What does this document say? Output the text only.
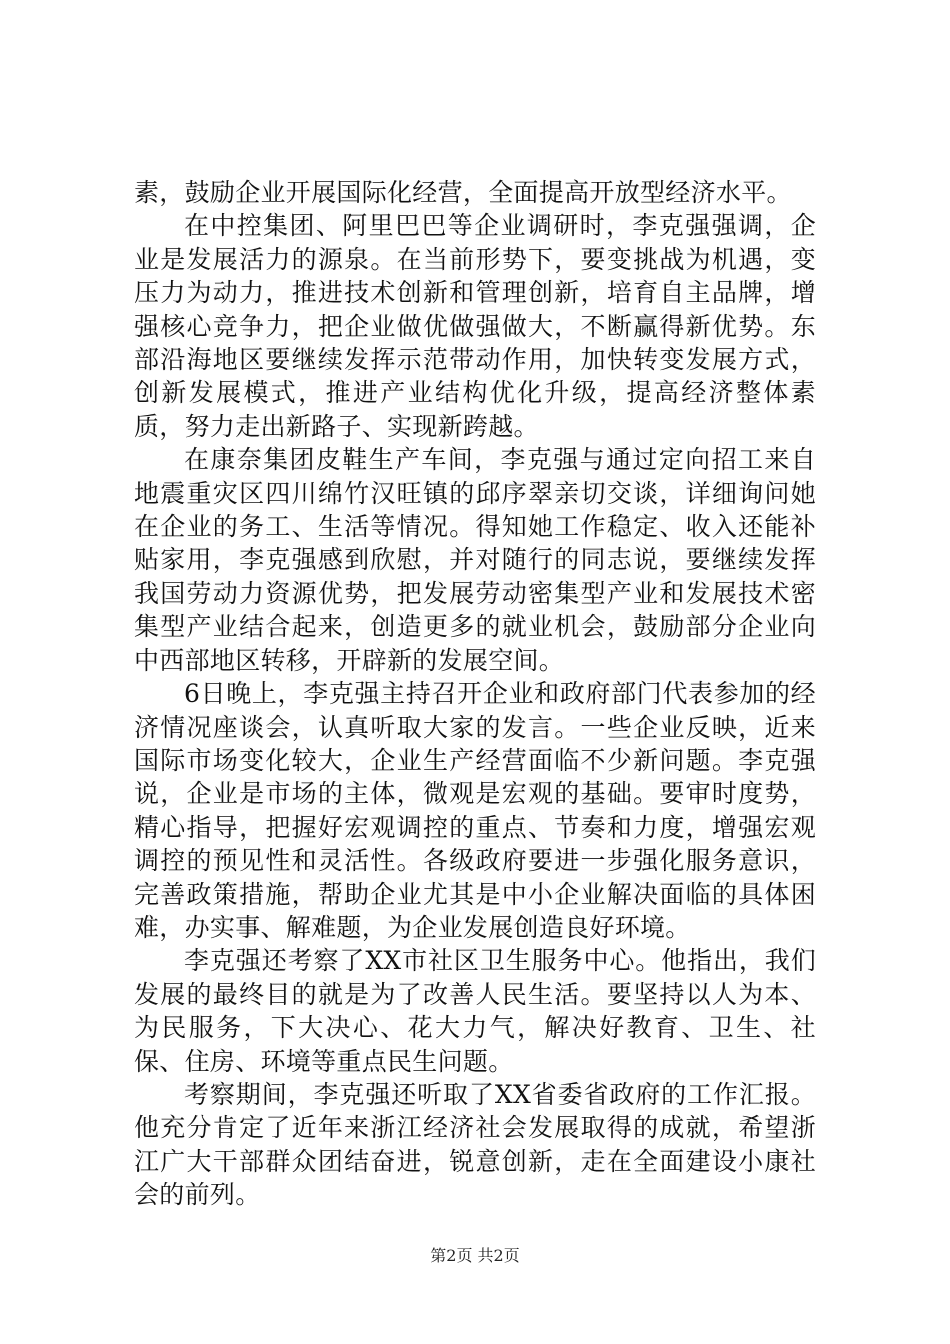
素，鼓励企业开展国际化经营，全面提高开放型经济水平。

在中控集团、阿里巴巴等企业调研时，李克强强调，企业是发展活力的源泉。在当前形势下，要变挑战为机遇，变压力为动力，推进技术创新和管理创新，培育自主品牌，增强核心竞争力，把企业做优做强做大，不断赢得新优势。东部沿海地区要继续发挥示范带动作用，加快转变发展方式，创新发展模式，推进产业结构优化升级，提高经济整体素质，努力走出新路子、实现新跨越。

在康奈集团皮鞋生产车间，李克强与通过定向招工来自地震重灾区四川绵竹汉旺镇的邱序翠亲切交谈，详细询问她在企业的务工、生活等情况。得知她工作稳定、收入还能补贴家用，李克强感到欣慰，并对随行的同志说，要继续发挥我国劳动力资源优势，把发展劳动密集型产业和发展技术密集型产业结合起来，创造更多的就业机会，鼓励部分企业向中西部地区转移，开辟新的发展空间。

6日晚上，李克强主持召开企业和政府部门代表参加的经济情况座谈会，认真听取大家的发言。一些企业反映，近来国际市场变化较大，企业生产经营面临不少新问题。李克强说，企业是市场的主体，微观是宏观的基础。要审时度势，精心指导，把握好宏观调控的重点、节奏和力度，增强宏观调控的预见性和灵活性。各级政府要进一步强化服务意识，完善政策措施，帮助企业尤其是中小企业解决面临的具体困难，办实事、解难题，为企业发展创造良好环境。

李克强还考察了XX市社区卫生服务中心。他指出，我们发展的最终目的就是为了改善人民生活。要坚持以人为本、为民服务，下大决心、花大力气，解决好教育、卫生、社保、住房、环境等重点民生问题。

考察期间，李克强还听取了XX省委省政府的工作汇报。他充分肯定了近年来浙江经济社会发展取得的成就，希望浙江广大干部群众团结奋进，锐意创新，走在全面建设小康社会的前列。

第2页 共2页
